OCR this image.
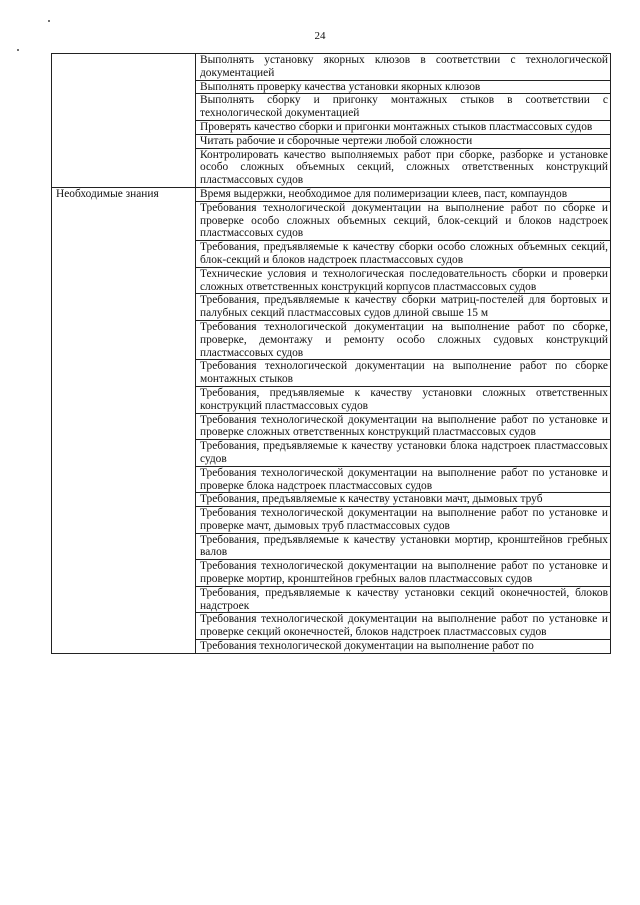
24
	Выполнять установку якорных клюзов в соответствии с технологической документацией
	Выполнять проверку качества установки якорных клюзов
	Выполнять сборку и пригонку монтажных стыков в соответствии с технологической документацией
	Проверять качество сборки и пригонки монтажных стыков пластмассовых судов
	Читать рабочие и сборочные чертежи любой сложности
	Контролировать качество выполняемых работ при сборке, разборке и установке особо сложных объемных секций, сложных ответственных конструкций пластмассовых судов
Необходимые знания	Время выдержки, необходимое для полимеризации клеев, паст, компаундов
	Требования технологической документации на выполнение работ по сборке и проверке особо сложных объемных секций, блок-секций и блоков надстроек пластмассовых судов
	Требования, предъявляемые к качеству сборки особо сложных объемных секций, блок-секций и блоков надстроек пластмассовых судов
	Технические условия и технологическая последовательность сборки и проверки сложных ответственных конструкций корпусов пластмассовых судов
	Требования, предъявляемые к качеству сборки матриц-постелей для бортовых и палубных секций пластмассовых судов длиной свыше 15 м
	Требования технологической документации на выполнение работ по сборке, проверке, демонтажу и ремонту особо сложных судовых конструкций пластмассовых судов
	Требования технологической документации на выполнение работ по сборке монтажных стыков
	Требования, предъявляемые к качеству установки сложных ответственных конструкций пластмассовых судов
	Требования технологической документации на выполнение работ по установке и проверке сложных ответственных конструкций пластмассовых судов
	Требования, предъявляемые к качеству установки блока надстроек пластмассовых судов
	Требования технологической документации на выполнение работ по установке и проверке блока надстроек пластмассовых судов
	Требования, предъявляемые к качеству установки мачт, дымовых труб
	Требования технологической документации на выполнение работ по установке и проверке мачт, дымовых труб пластмассовых судов
	Требования, предъявляемые к качеству установки мортир, кронштейнов гребных валов
	Требования технологической документации на выполнение работ по установке и проверке мортир, кронштейнов гребных валов пластмассовых судов
	Требования, предъявляемые к качеству установки секций оконечностей, блоков надстроек
	Требования технологической документации на выполнение работ по установке и проверке секций оконечностей, блоков надстроек пластмассовых судов
	Требования технологической документации на выполнение работ по
